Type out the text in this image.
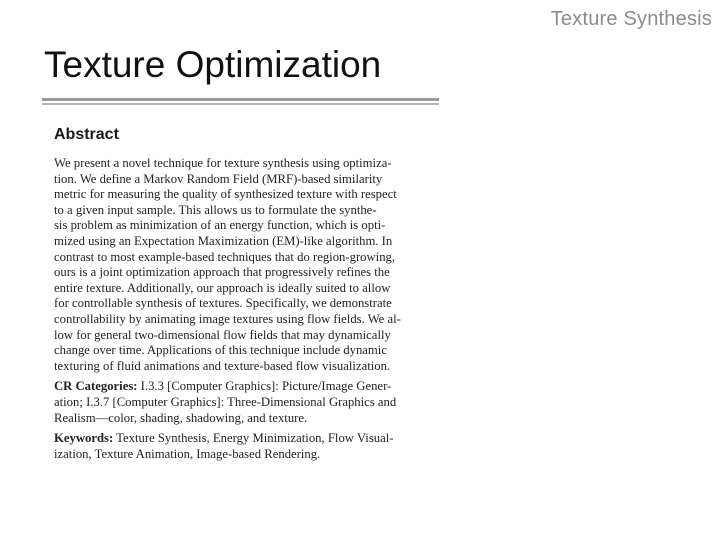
Texture Synthesis
Texture Optimization
Abstract
We present a novel technique for texture synthesis using optimiza-
tion. We define a Markov Random Field (MRF)-based similarity
metric for measuring the quality of synthesized texture with respect
to a given input sample. This allows us to formulate the synthe-
sis problem as minimization of an energy function, which is opti-
mized using an Expectation Maximization (EM)-like algorithm. In
contrast to most example-based techniques that do region-growing,
ours is a joint optimization approach that progressively refines the
entire texture. Additionally, our approach is ideally suited to allow
for controllable synthesis of textures. Specifically, we demonstrate
controllability by animating image textures using flow fields. We al-
low for general two-dimensional flow fields that may dynamically
change over time. Applications of this technique include dynamic
texturing of fluid animations and texture-based flow visualization.
CR Categories: I.3.3 [Computer Graphics]: Picture/Image Gener-
ation; I.3.7 [Computer Graphics]: Three-Dimensional Graphics and
Realism—color, shading, shadowing, and texture.
Keywords: Texture Synthesis, Energy Minimization, Flow Visual-
ization, Texture Animation, Image-based Rendering.
